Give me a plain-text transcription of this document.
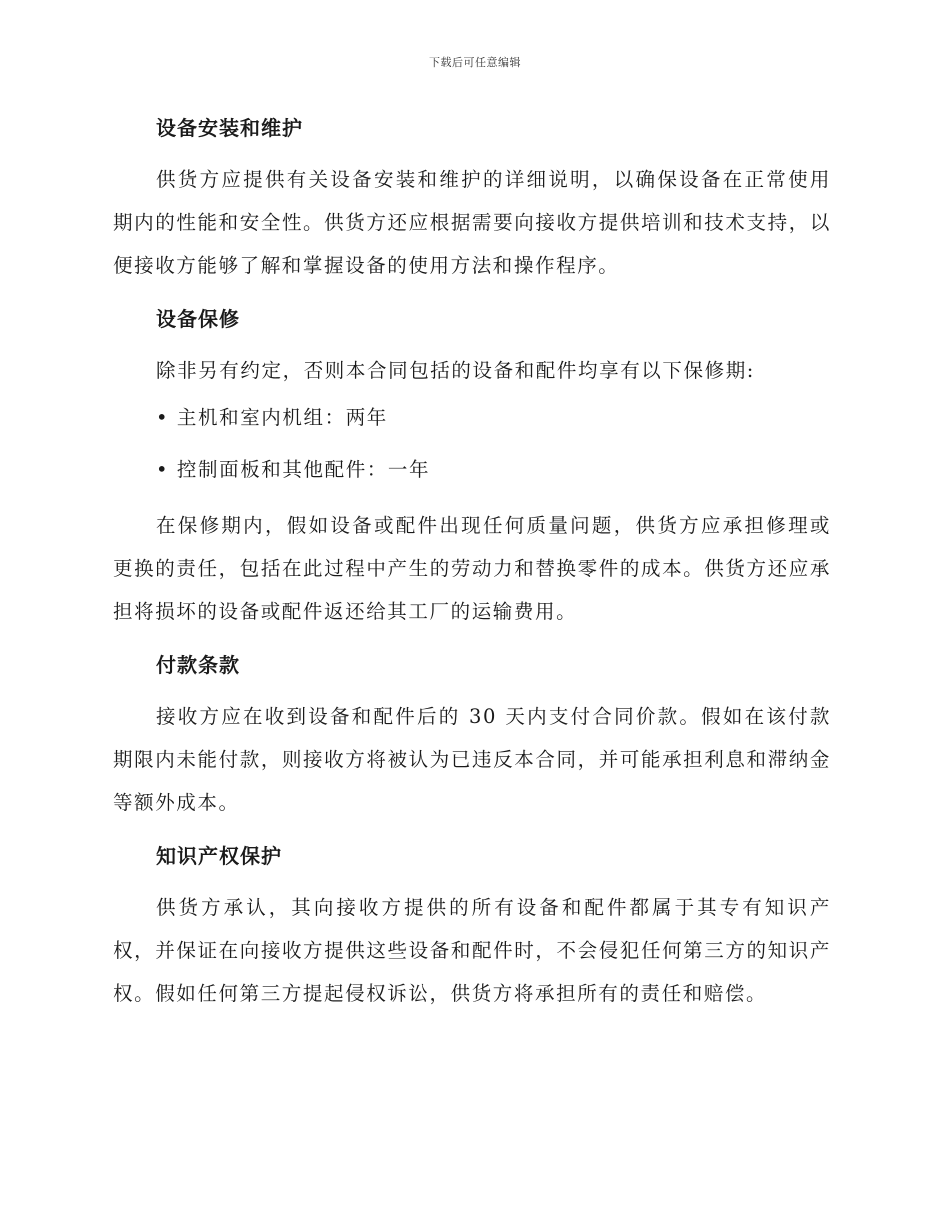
下载后可任意编辑
设备安装和维护

供货方应提供有关设备安装和维护的详细说明，以确保设备在正常使用期内的性能和安全性。供货方还应根据需要向接收方提供培训和技术支持，以便接收方能够了解和掌握设备的使用方法和操作程序。

设备保修

除非另有约定，否则本合同包括的设备和配件均享有以下保修期:

• 主机和室内机组：两年

• 控制面板和其他配件：一年

在保修期内，假如设备或配件出现任何质量问题，供货方应承担修理或更换的责任，包括在此过程中产生的劳动力和替换零件的成本。供货方还应承担将损坏的设备或配件返还给其工厂的运输费用。

付款条款

接收方应在收到设备和配件后的 30 天内支付合同价款。假如在该付款期限内未能付款，则接收方将被认为已违反本合同，并可能承担利息和滞纳金等额外成本。

知识产权保护

供货方承认，其向接收方提供的所有设备和配件都属于其专有知识产权，并保证在向接收方提供这些设备和配件时，不会侵犯任何第三方的知识产权。假如任何第三方提起侵权诉讼，供货方将承担所有的责任和赔偿。
